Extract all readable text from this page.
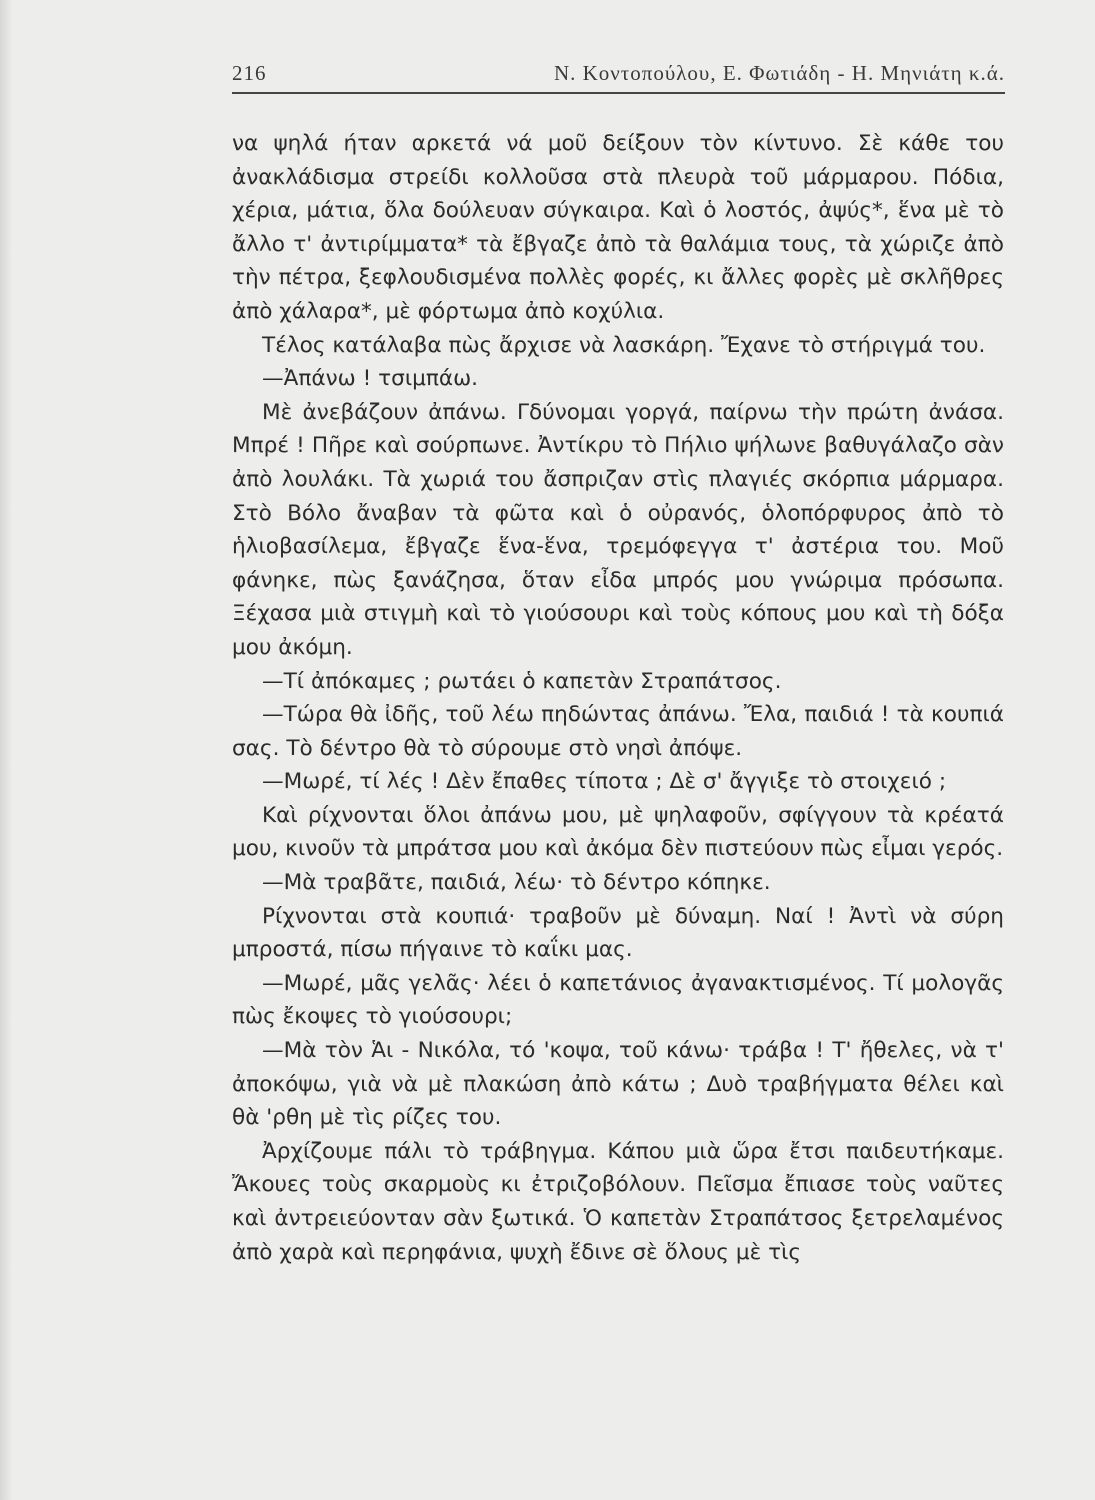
216	Ν. Κοντοπούλου, Ε. Φωτιάδη - Η. Μηνιάτη κ.ά.

να ψηλά ήταν αρκετά νά μοῦ δείξουν τὸν κίντυνο. Σὲ κάθε του ἀνακλάδισμα στρείδι κολλοῦσα στὰ πλευρὰ τοῦ μάρμαρου. Πόδια, χέρια, μάτια, ὅλα δούλευαν σύγκαιρα. Καὶ ὁ λοστός, ἀψύς*, ἕνα μὲ τὸ ἄλλο τ' ἀντιρίμματα* τὰ ἔβγαζε ἀπὸ τὰ θαλάμια τους, τὰ χώριζε ἀπὸ τὴν πέτρα, ξεφλουδισμένα πολλὲς φορές, κι ἄλλες φορὲς μὲ σκλῆθρες ἀπὸ χάλαρα*, μὲ φόρτωμα ἀπὸ κοχύλια.

Τέλος κατάλαβα πὼς ἄρχισε νὰ λασκάρη. Ἔχανε τὸ στήριγμά του.

—Ἀπάνω ! τσιμπάω.

Μὲ ἀνεβάζουν ἀπάνω. Γδύνομαι γοργά, παίρνω τὴν πρώτη ἀνάσα. Μπρέ ! Πῆρε καὶ σούρπωνε. Ἀντίκρυ τὸ Πήλιο ψήλωνε βαθυγάλαζο σὰν ἀπὸ λουλάκι. Τὰ χωριά του ἄσπριζαν στὶς πλαγιές σκόρπια μάρμαρα. Στὸ Βόλο ἄναβαν τὰ φῶτα καὶ ὁ οὐρανός, ὁλοπόρφυρος ἀπὸ τὸ ἡλιοβασίλεμα, ἔβγαζε ἕνα-ἕνα, τρεμόφεγγα τ' ἀστέρια του. Μοῦ φάνηκε, πὼς ξανάζησα, ὅταν εἶδα μπρός μου γνώριμα πρόσωπα. Ξέχασα μιὰ στιγμὴ καὶ τὸ γιούσουρι καὶ τοὺς κόπους μου καὶ τὴ δόξα μου ἀκόμη.

—Τί ἀπόκαμες ; ρωτάει ὁ καπετὰν Στραπάτσος.

—Τώρα θὰ ἰδῆς, τοῦ λέω πηδώντας ἀπάνω. Ἔλα, παιδιά ! τὰ κουπιά σας. Τὸ δέντρο θὰ τὸ σύρουμε στὸ νησὶ ἀπόψε.

—Μωρέ, τί λές ! Δὲν ἔπαθες τίποτα ; Δὲ σ' ἄγγιξε τὸ στοιχειό ;

Καὶ ρίχνονται ὅλοι ἀπάνω μου, μὲ ψηλαφοῦν, σφίγγουν τὰ κρέατά μου, κινοῦν τὰ μπράτσα μου καὶ ἀκόμα δὲν πιστεύουν πὼς εἶμαι γερός.

—Μὰ τραβᾶτε, παιδιά, λέω· τὸ δέντρο κόπηκε.

Ρίχνονται στὰ κουπιά· τραβοῦν μὲ δύναμη. Ναί ! Ἀντὶ νὰ σύρη μπροστά, πίσω πήγαινε τὸ καΐκι μας.

—Μωρέ, μᾶς γελᾶς· λέει ὁ καπετάνιος ἀγανακτισμένος. Τί μολογᾶς πὼς ἔκοψες τὸ γιούσουρι;

—Μὰ τὸν Ἁι - Νικόλα, τό 'κοψα, τοῦ κάνω· τράβα ! Τ' ἤθελες, νὰ τ' ἀποκόψω, γιὰ νὰ μὲ πλακώση ἀπὸ κάτω ; Δυὸ τραβήγματα θέλει καὶ θὰ 'ρθη μὲ τὶς ρίζες του.

Ἀρχίζουμε πάλι τὸ τράβηγμα. Κάπου μιὰ ὥρα ἔτσι παιδευτήκαμε. Ἄκουες τοὺς σκαρμοὺς κι ἐτριζοβόλουν. Πεῖσμα ἔπιασε τοὺς ναῦτες καὶ ἀντρειεύονταν σὰν ξωτικά. Ὁ καπετὰν Στραπάτσος ξετρελαμένος ἀπὸ χαρὰ καὶ περηφάνια, ψυχὴ ἔδινε σὲ ὅλους μὲ τὶς
